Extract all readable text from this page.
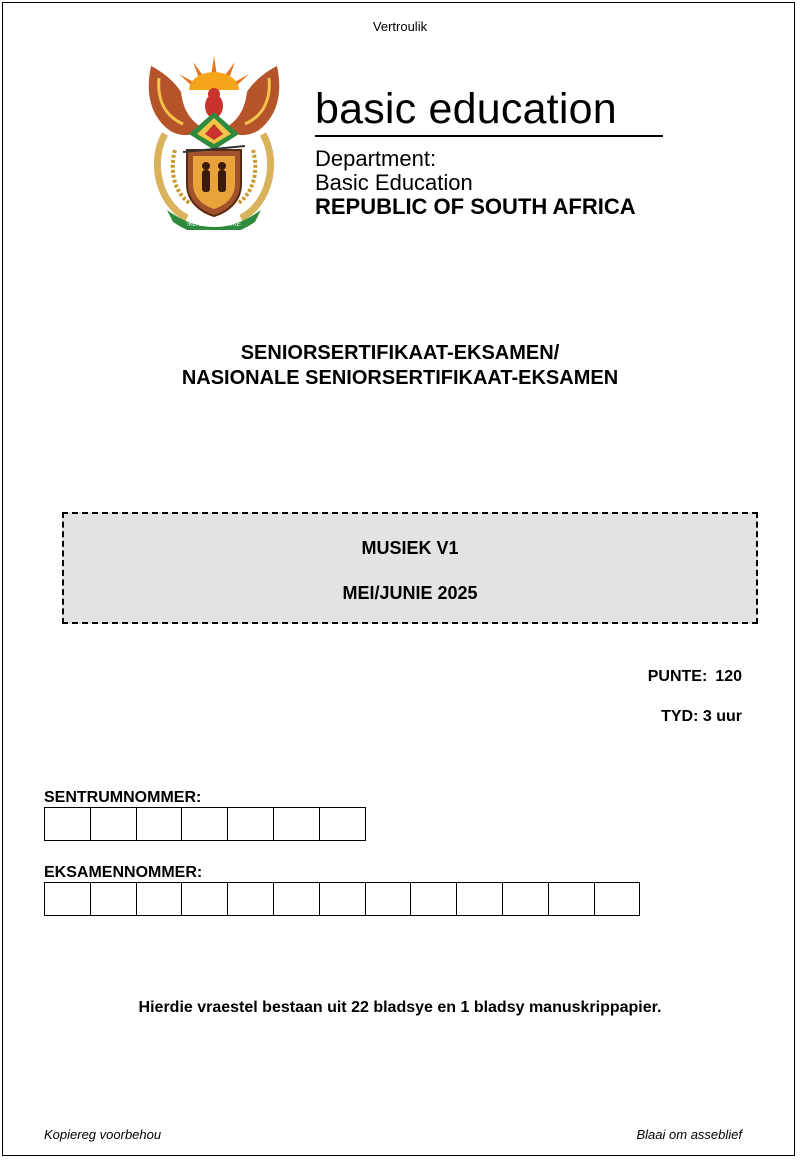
Vertroulik
!KE E: /XARRA //KE
basic education
Department:
Basic Education
REPUBLIC OF SOUTH AFRICA
SENIORSERTIFIKAAT-EKSAMEN/
NASIONALE SENIORSERTIFIKAAT-EKSAMEN
MUSIEK V1
MEI/JUNIE 2025
PUNTE: 120
TYD: 3 uur
SENTRUMNOMMER:
EKSAMENNOMMER:
Hierdie vraestel bestaan uit 22 bladsye en 1 bladsy manuskrippapier.
Kopiereg voorbehou	Blaai om asseblief
